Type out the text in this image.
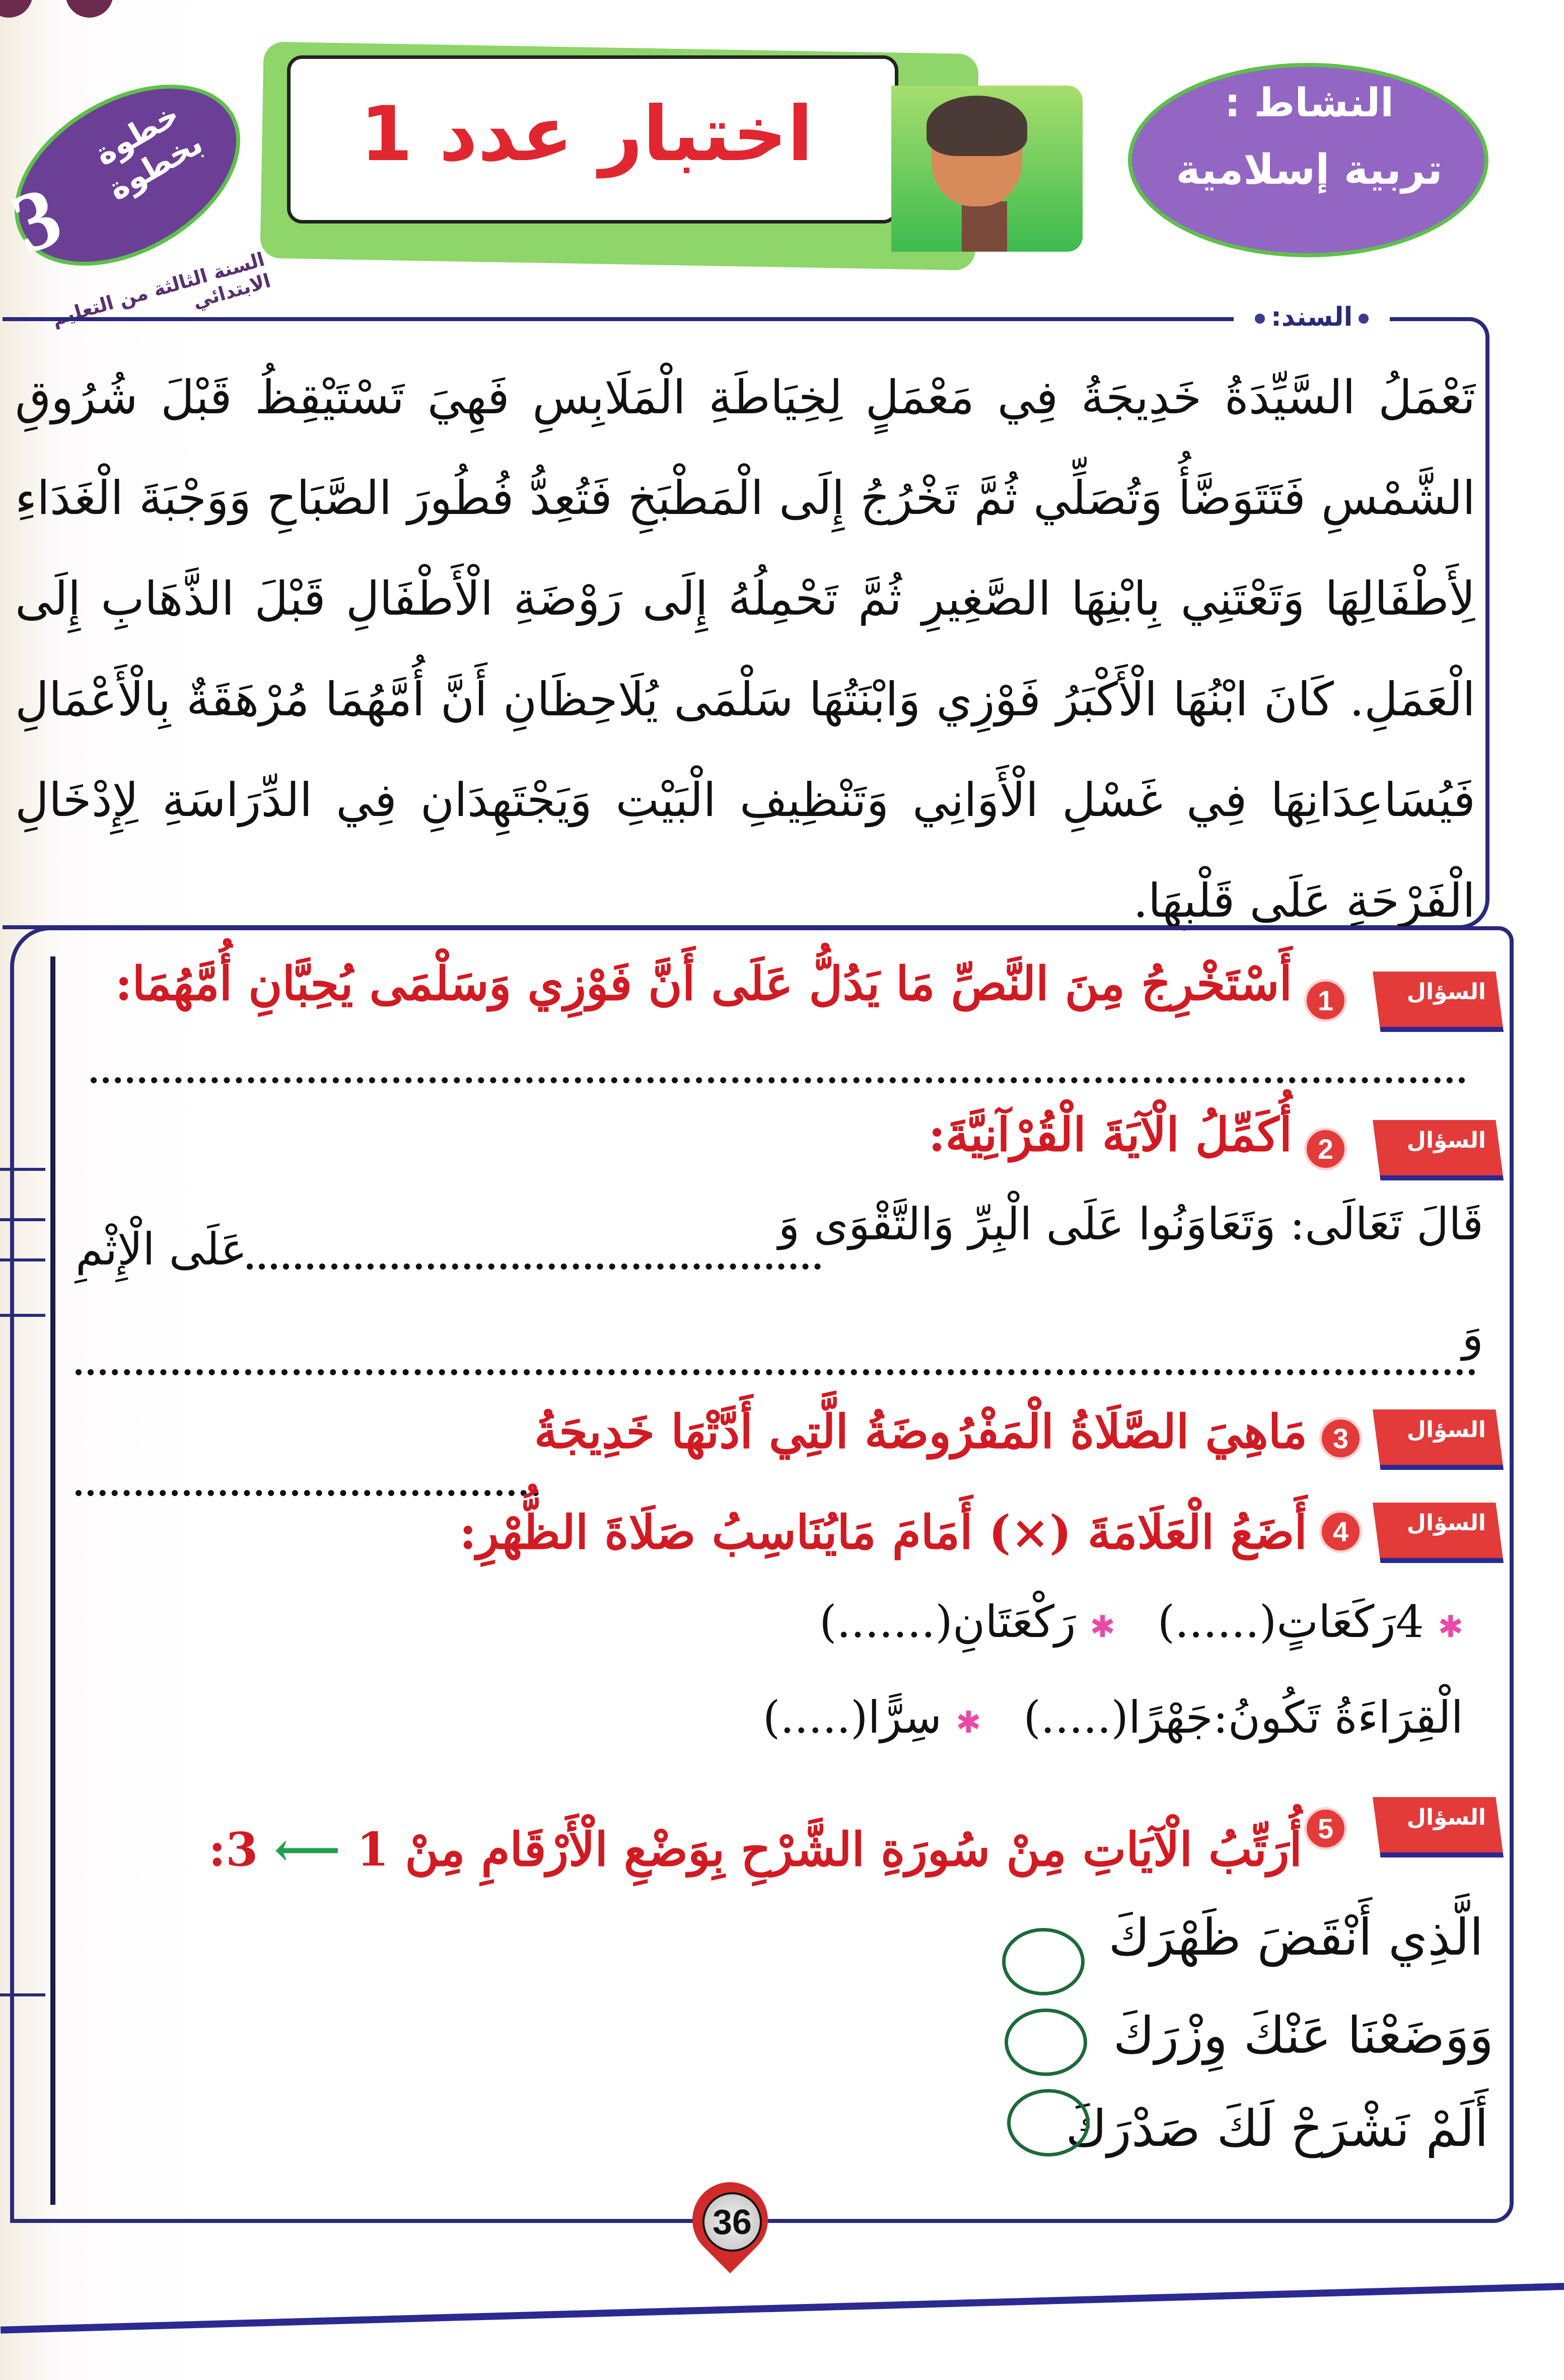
خطوة بخطوة
3
السنة الثالثة من التعليم الابتدائي
اختبار عدد 1	النشاط :
تربية إسلامية
السند:
تَعْمَلُ السَّيِّدَةُ خَدِيجَةُ فِي مَعْمَلٍ لِخِيَاطَةِ الْمَلَابِسِ فَهِيَ تَسْتَيْقِظُ قَبْلَ شُرُوقِ الشَّمْسِ فَتَتَوَضَّأُ وَتُصَلِّي ثُمَّ تَخْرُجُ إِلَى الْمَطْبَخِ فَتُعِدُّ فُطُورَ الصَّبَاحِ وَوَجْبَةَ الْغَدَاءِ لِأَطْفَالِهَا وَتَعْتَنِي بِابْنِهَا الصَّغِيرِ ثُمَّ تَحْمِلُهُ إِلَى رَوْضَةِ الْأَطْفَالِ قَبْلَ الذَّهَابِ إِلَى الْعَمَلِ. كَانَ ابْنُهَا الْأَكْبَرُ فَوْزِي وَابْنَتُهَا سَلْمَى يُلَاحِظَانِ أَنَّ أُمَّهُمَا مُرْهَقَةٌ بِالْأَعْمَالِ فَيُسَاعِدَانِهَا فِي غَسْلِ الْأَوَانِي وَتَنْظِيفِ الْبَيْتِ وَيَجْتَهِدَانِ فِي الدِّرَاسَةِ لِإِدْخَالِ الْفَرْحَةِ عَلَى قَلْبِهَا.
السؤال
1
أَسْتَخْرِجُ مِنَ النَّصِّ مَا يَدُلُّ عَلَى أَنَّ فَوْزِي وَسَلْمَى يُحِبَّانِ أُمَّهُمَا:
السؤال
2
أُكَمِّلُ الْآيَةَ الْقُرْآنِيَّةَ:
قَالَ تَعَالَى: وَتَعَاوَنُوا عَلَى الْبِرِّ وَالتَّقْوَى وَ
عَلَى الْإِثْمِ
وَ
السؤال
3
مَاهِيَ الصَّلَاةُ الْمَفْرُوضَةُ الَّتِي أَدَّتْهَا خَدِيجَةُ
السؤال
4
أَضَعُ الْعَلَامَةَ (×) أَمَامَ مَايُنَاسِبُ صَلَاةَ الظُّهْرِ:
✱ 4رَكَعَاتٍ(......)   ✱ رَكْعَتَانِ(.......)
الْقِرَاءَةُ تَكُونُ:جَهْرًا(.....)   ✱ سِرًّا(.....)
السؤال
5
أُرَتِّبُ الْآيَاتِ مِنْ سُورَةِ الشَّرْحِ بِوَضْعِ الْأَرْقَامِ مِنْ 1 ⟵ 3:
الَّذِي أَنْقَضَ ظَهْرَكَ
وَوَضَعْنَا عَنْكَ وِزْرَكَ
أَلَمْ نَشْرَحْ لَكَ صَدْرَكَ
36
